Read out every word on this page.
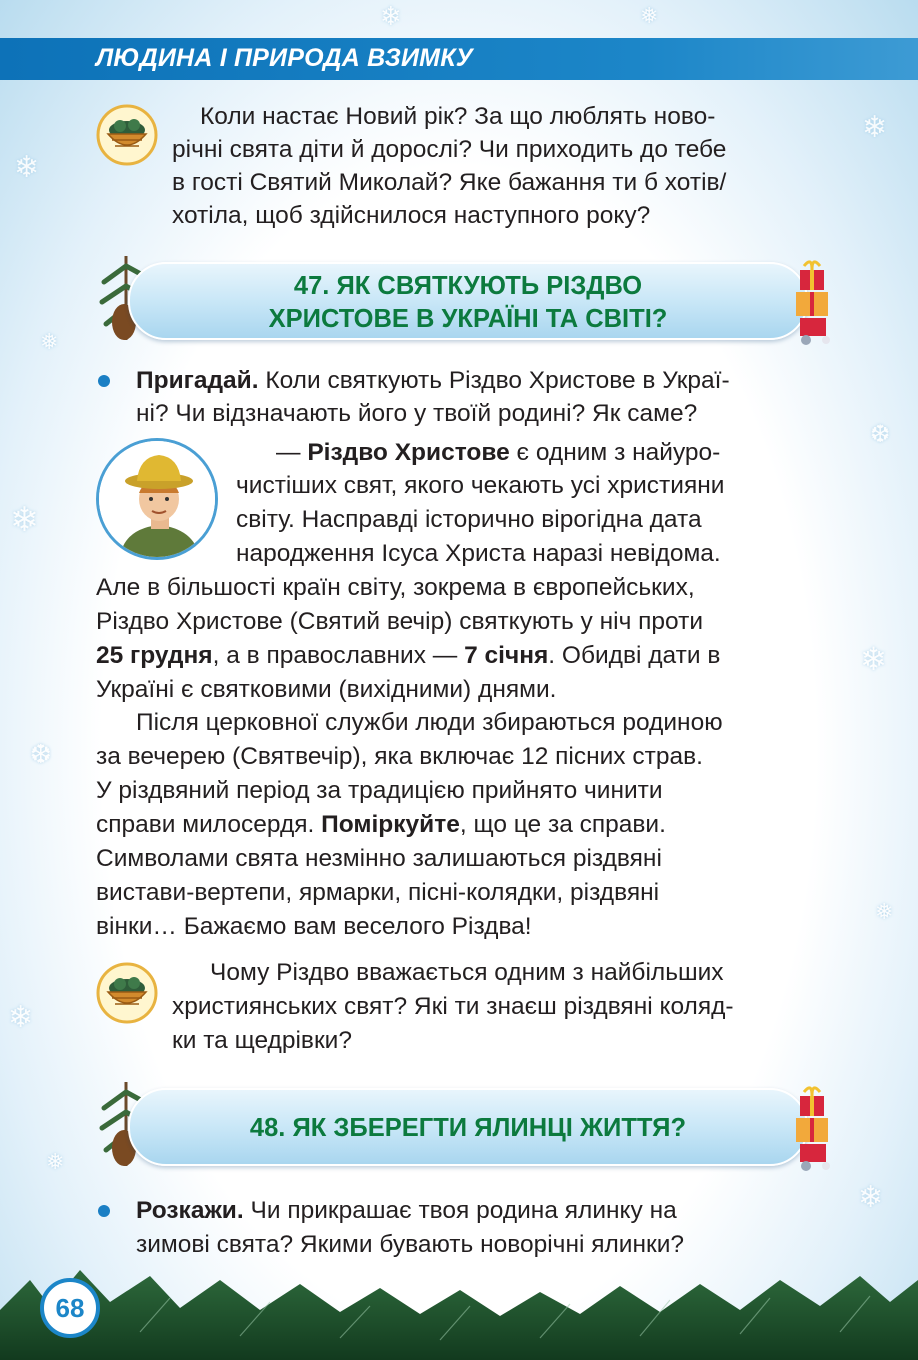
❄
❅
❄
❆
❄
❅
❄
❆
❄
❅
❄
❄	❅
ЛЮДИНА І ПРИРОДА ВЗИМКУ
Коли настає Новий рік? За що люблять ново-
річні свята діти й дорослі? Чи приходить до тебе
в гості Святий Миколай? Яке бажання ти б хотів/
хотіла, щоб здійснилося наступного року?
47. ЯК СВЯТКУЮТЬ РІЗДВО
ХРИСТОВЕ В УКРАЇНІ ТА СВІТІ?
Пригадай. Коли святкують Різдво Христове в Украї-
ні? Чи відзначають його у твоїй родині? Як саме?
— Різдво Христове є одним з найуро-
чистіших свят, якого чекають усі християни
світу. Насправді історично вірогідна дата
народження Ісуса Христа наразі невідома.
Але в більшості країн світу, зокрема в європейських,
Різдво Христове (Святий вечір) святкують у ніч проти
25 грудня, а в православних — 7 січня. Обидві дати в
Україні є святковими (вихідними) днями.
Після церковної служби люди збираються родиною
за вечерею (Святвечір), яка включає 12 пісних страв.
У різдвяний період за традицією прийнято чинити
справи милосердя. Поміркуйте, що це за справи.
Символами свята незмінно залишаються різдвяні
вистави-вертепи, ярмарки, пісні-колядки, різдвяні
вінки… Бажаємо вам веселого Різдва!
Чому Різдво вважається одним з найбільших
християнських свят? Які ти знаєш різдвяні коляд-
ки та щедрівки?
48. ЯК ЗБЕРЕГТИ ЯЛИНЦІ ЖИТТЯ?
Розкажи. Чи прикрашає твоя родина ялинку на
зимові свята? Якими бувають новорічні ялинки?
68
